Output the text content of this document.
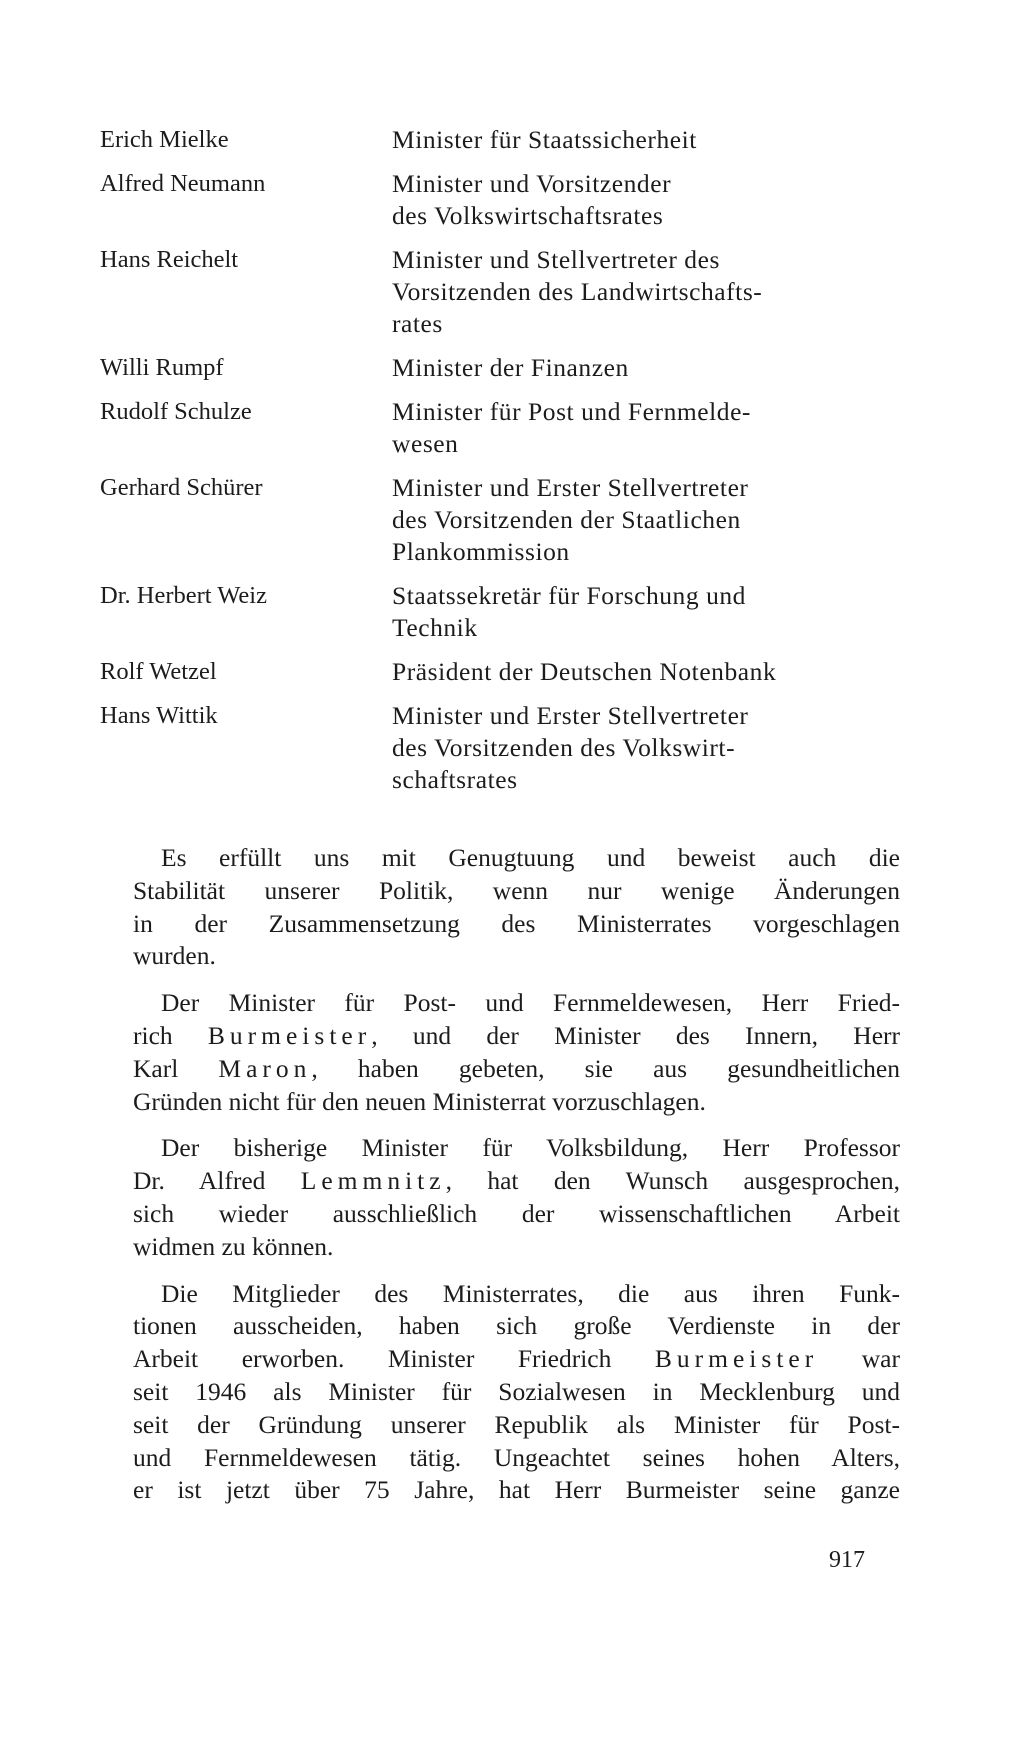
Erich Mielke	Minister für Staatssicherheit
Alfred Neumann	Minister und Vorsitzender
des Volkswirtschaftsrates
Hans Reichelt	Minister und Stellvertreter des
Vorsitzenden des Landwirtschafts-
rates
Willi Rumpf	Minister der Finanzen
Rudolf Schulze	Minister für Post und Fernmelde-
wesen
Gerhard Schürer	Minister und Erster Stellvertreter
des Vorsitzenden der Staatlichen
Plankommission
Dr. Herbert Weiz	Staatssekretär für Forschung und
Technik
Rolf Wetzel	Präsident der Deutschen Notenbank
Hans Wittik	Minister und Erster Stellvertreter
des Vorsitzenden des Volkswirt-
schaftsrates
Es erfüllt uns mit Genugtuung und beweist auch die
Stabilität unserer Politik, wenn nur wenige Änderungen
in der Zusammensetzung des Ministerrates vorgeschlagen
wurden.
Der Minister für Post- und Fernmeldewesen, Herr Fried-
rich Burmeister, und der Minister des Innern, Herr
Karl Maron, haben gebeten, sie aus gesundheitlichen
Gründen nicht für den neuen Ministerrat vorzuschlagen.
Der bisherige Minister für Volksbildung, Herr Professor
Dr. Alfred Lemmnitz, hat den Wunsch ausgesprochen,
sich wieder ausschließlich der wissenschaftlichen Arbeit
widmen zu können.
Die Mitglieder des Ministerrates, die aus ihren Funk-
tionen ausscheiden, haben sich große Verdienste in der
Arbeit erworben. Minister Friedrich Burmeister war
seit 1946 als Minister für Sozialwesen in Mecklenburg und
seit der Gründung unserer Republik als Minister für Post-
und Fernmeldewesen tätig. Ungeachtet seines hohen Alters,
er ist jetzt über 75 Jahre, hat Herr Burmeister seine ganze
917
